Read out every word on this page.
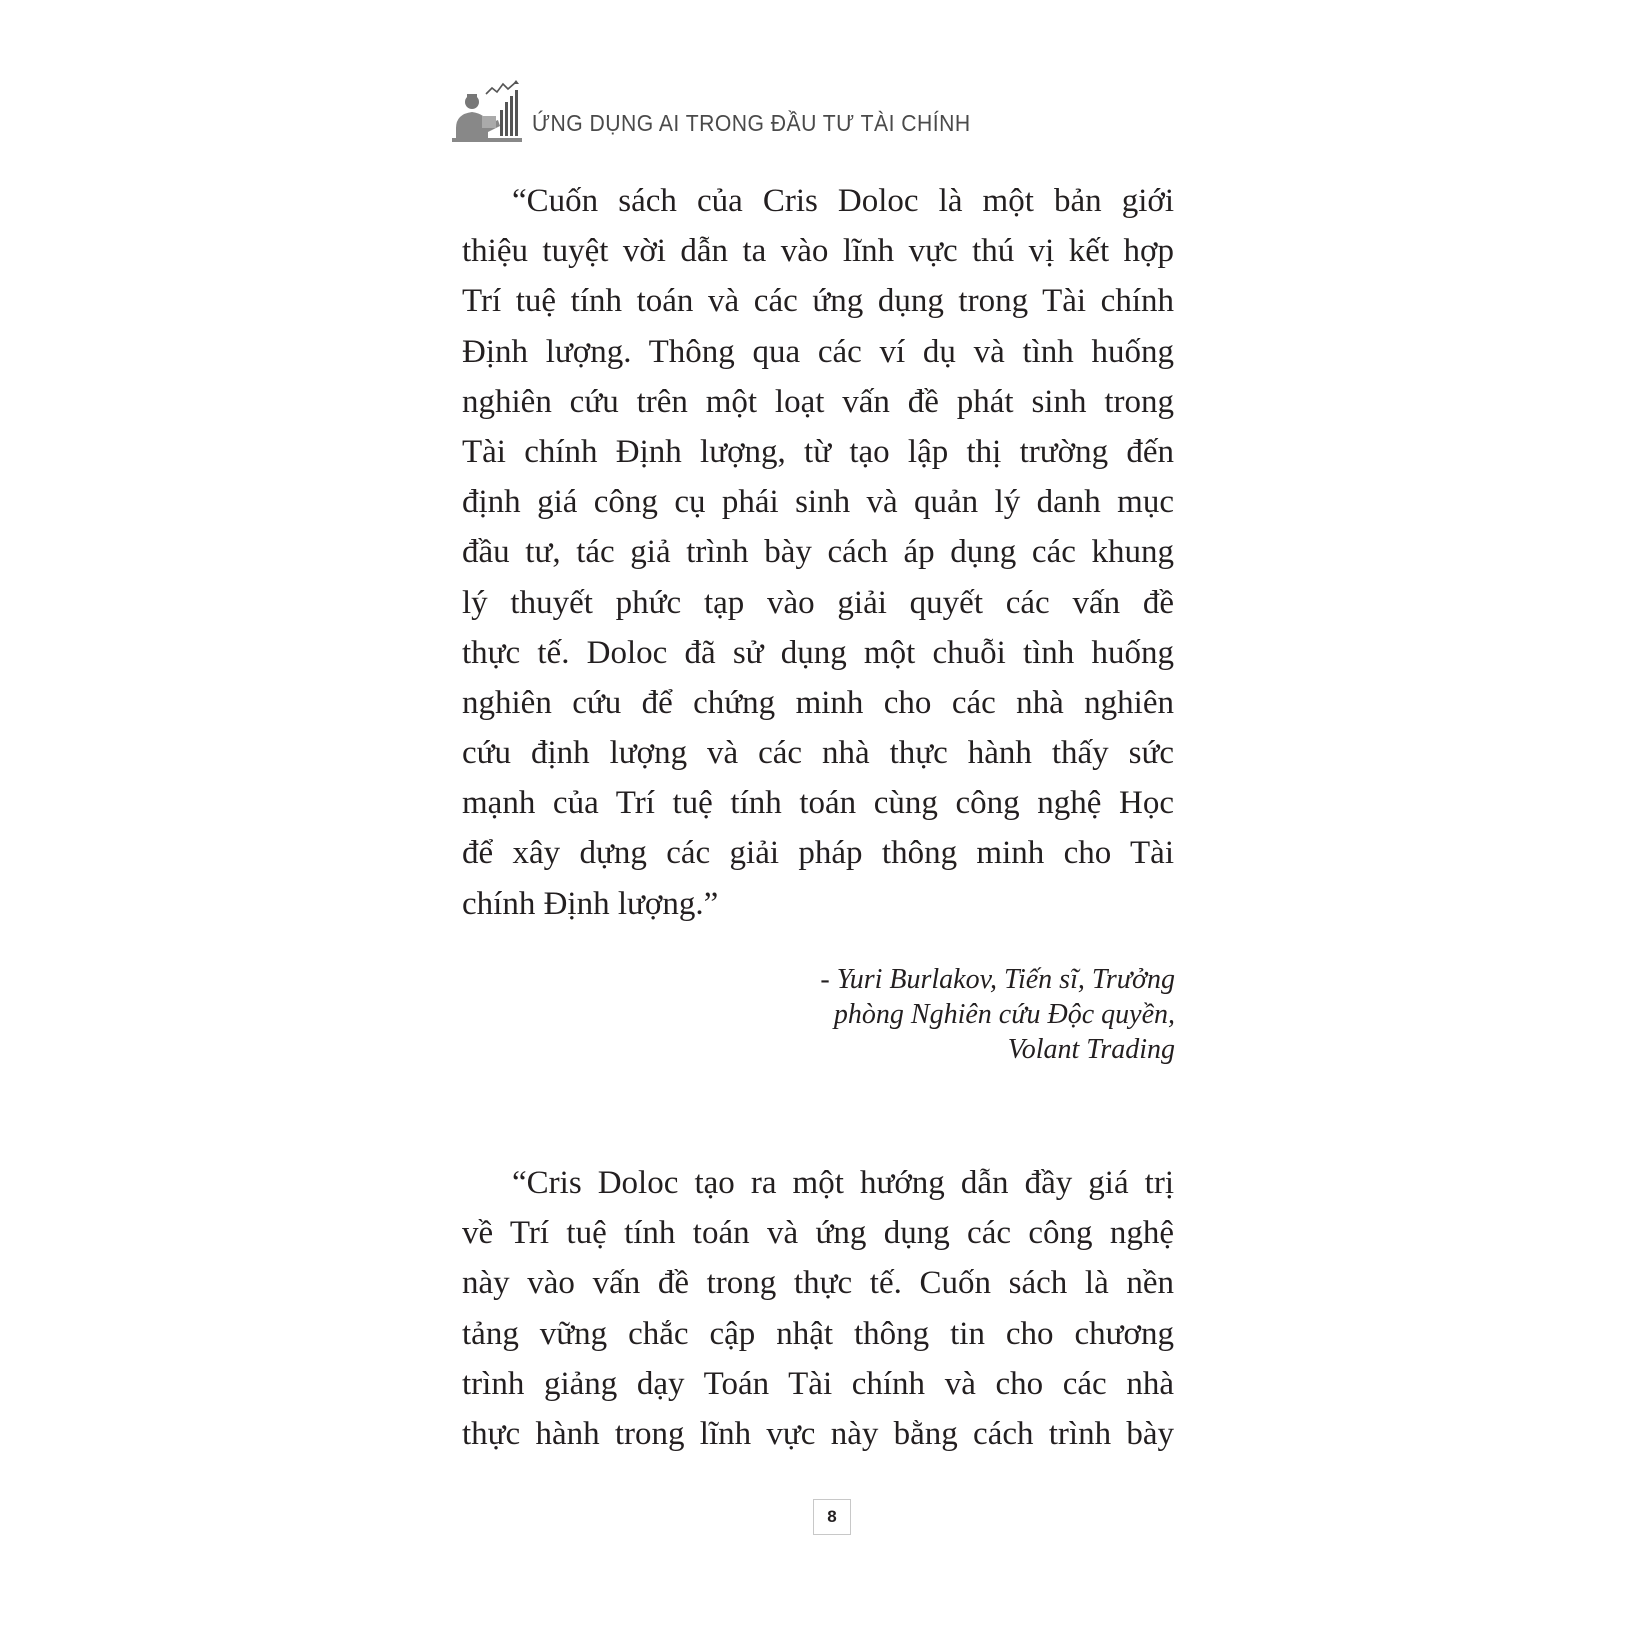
ỨNG DỤNG AI TRONG ĐẦU TƯ TÀI CHÍNH
“Cuốn sách của Cris Doloc là một bản giới
thiệu tuyệt vời dẫn ta vào lĩnh vực thú vị kết hợp
Trí tuệ tính toán và các ứng dụng trong Tài chính
Định lượng. Thông qua các ví dụ và tình huống
nghiên cứu trên một loạt vấn đề phát sinh trong
Tài chính Định lượng, từ tạo lập thị trường đến
định giá công cụ phái sinh và quản lý danh mục
đầu tư, tác giả trình bày cách áp dụng các khung
lý thuyết phức tạp vào giải quyết các vấn đề
thực tế. Doloc đã sử dụng một chuỗi tình huống
nghiên cứu để chứng minh cho các nhà nghiên
cứu định lượng và các nhà thực hành thấy sức
mạnh của Trí tuệ tính toán cùng công nghệ Học
để xây dựng các giải pháp thông minh cho Tài
chính Định lượng.”
- Yuri Burlakov, Tiến sĩ, Trưởng
phòng Nghiên cứu Độc quyền,
Volant Trading
“Cris Doloc tạo ra một hướng dẫn đầy giá trị
về Trí tuệ tính toán và ứng dụng các công nghệ
này vào vấn đề trong thực tế. Cuốn sách là nền
tảng vững chắc cập nhật thông tin cho chương
trình giảng dạy Toán Tài chính và cho các nhà
thực hành trong lĩnh vực này bằng cách trình bày
8
